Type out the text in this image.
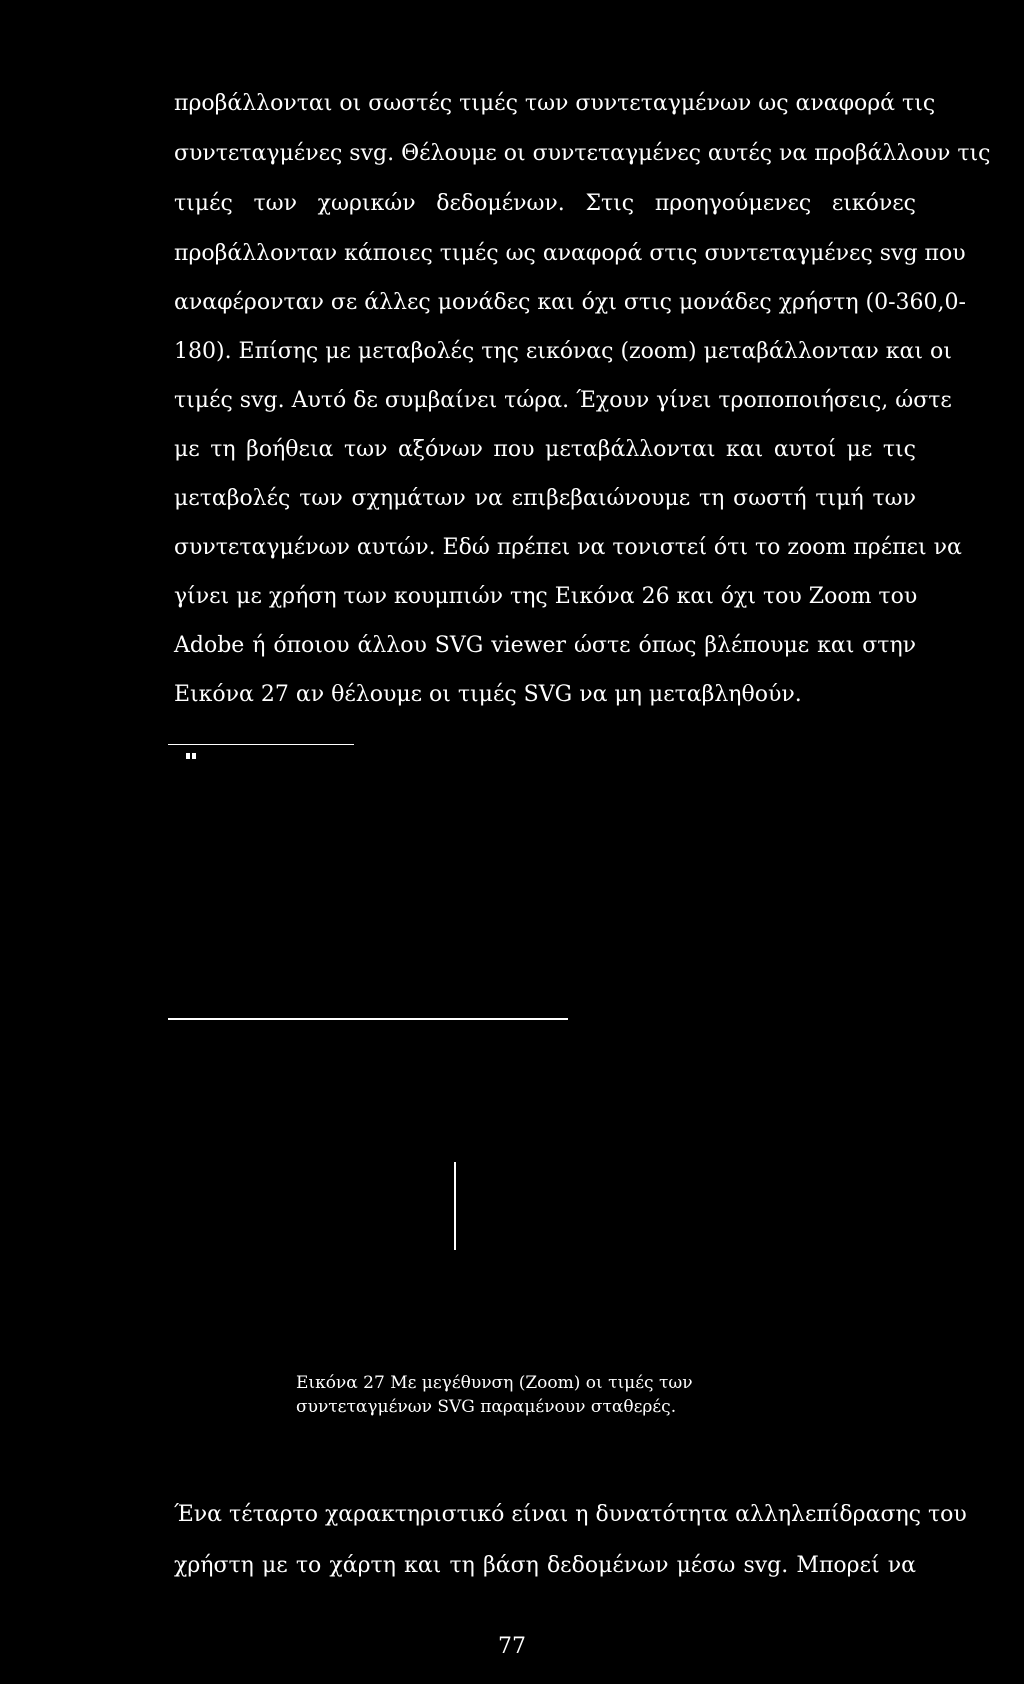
προβάλλονται οι σωστές τιμές των συντεταγμένων ως αναφορά τις
συντεταγμένες svg. Θέλουμε οι συντεταγμένες αυτές να προβάλλουν τις
τιμές των χωρικών δεδομένων. Στις προηγούμενες εικόνες
προβάλλονταν κάποιες τιμές ως αναφορά στις συντεταγμένες svg που
αναφέρονταν σε άλλες μονάδες και όχι στις μονάδες χρήστη (0-360,0-
180). Επίσης με μεταβολές της εικόνας (zoom) μεταβάλλονταν και οι
τιμές svg. Αυτό δε συμβαίνει τώρα. Έχουν γίνει τροποποιήσεις, ώστε
με τη βοήθεια των αξόνων που μεταβάλλονται και αυτοί με τις
μεταβολές των σχημάτων να επιβεβαιώνουμε τη σωστή τιμή των
συντεταγμένων αυτών. Εδώ πρέπει να τονιστεί ότι το zoom πρέπει να
γίνει με χρήση των κουμπιών της Εικόνα 26 και όχι του Zoom του
Adobe ή όποιου άλλου SVG viewer ώστε όπως βλέπουμε και στην
Εικόνα 27 αν θέλουμε οι τιμές SVG να μη μεταβληθούν.
Εικόνα 27 Με μεγέθυνση (Zoom) οι τιμές των
συντεταγμένων SVG παραμένουν σταθερές.
Ένα τέταρτο χαρακτηριστικό είναι η δυνατότητα αλληλεπίδρασης του
χρήστη με το χάρτη και τη βάση δεδομένων μέσω svg. Μπορεί να
77
